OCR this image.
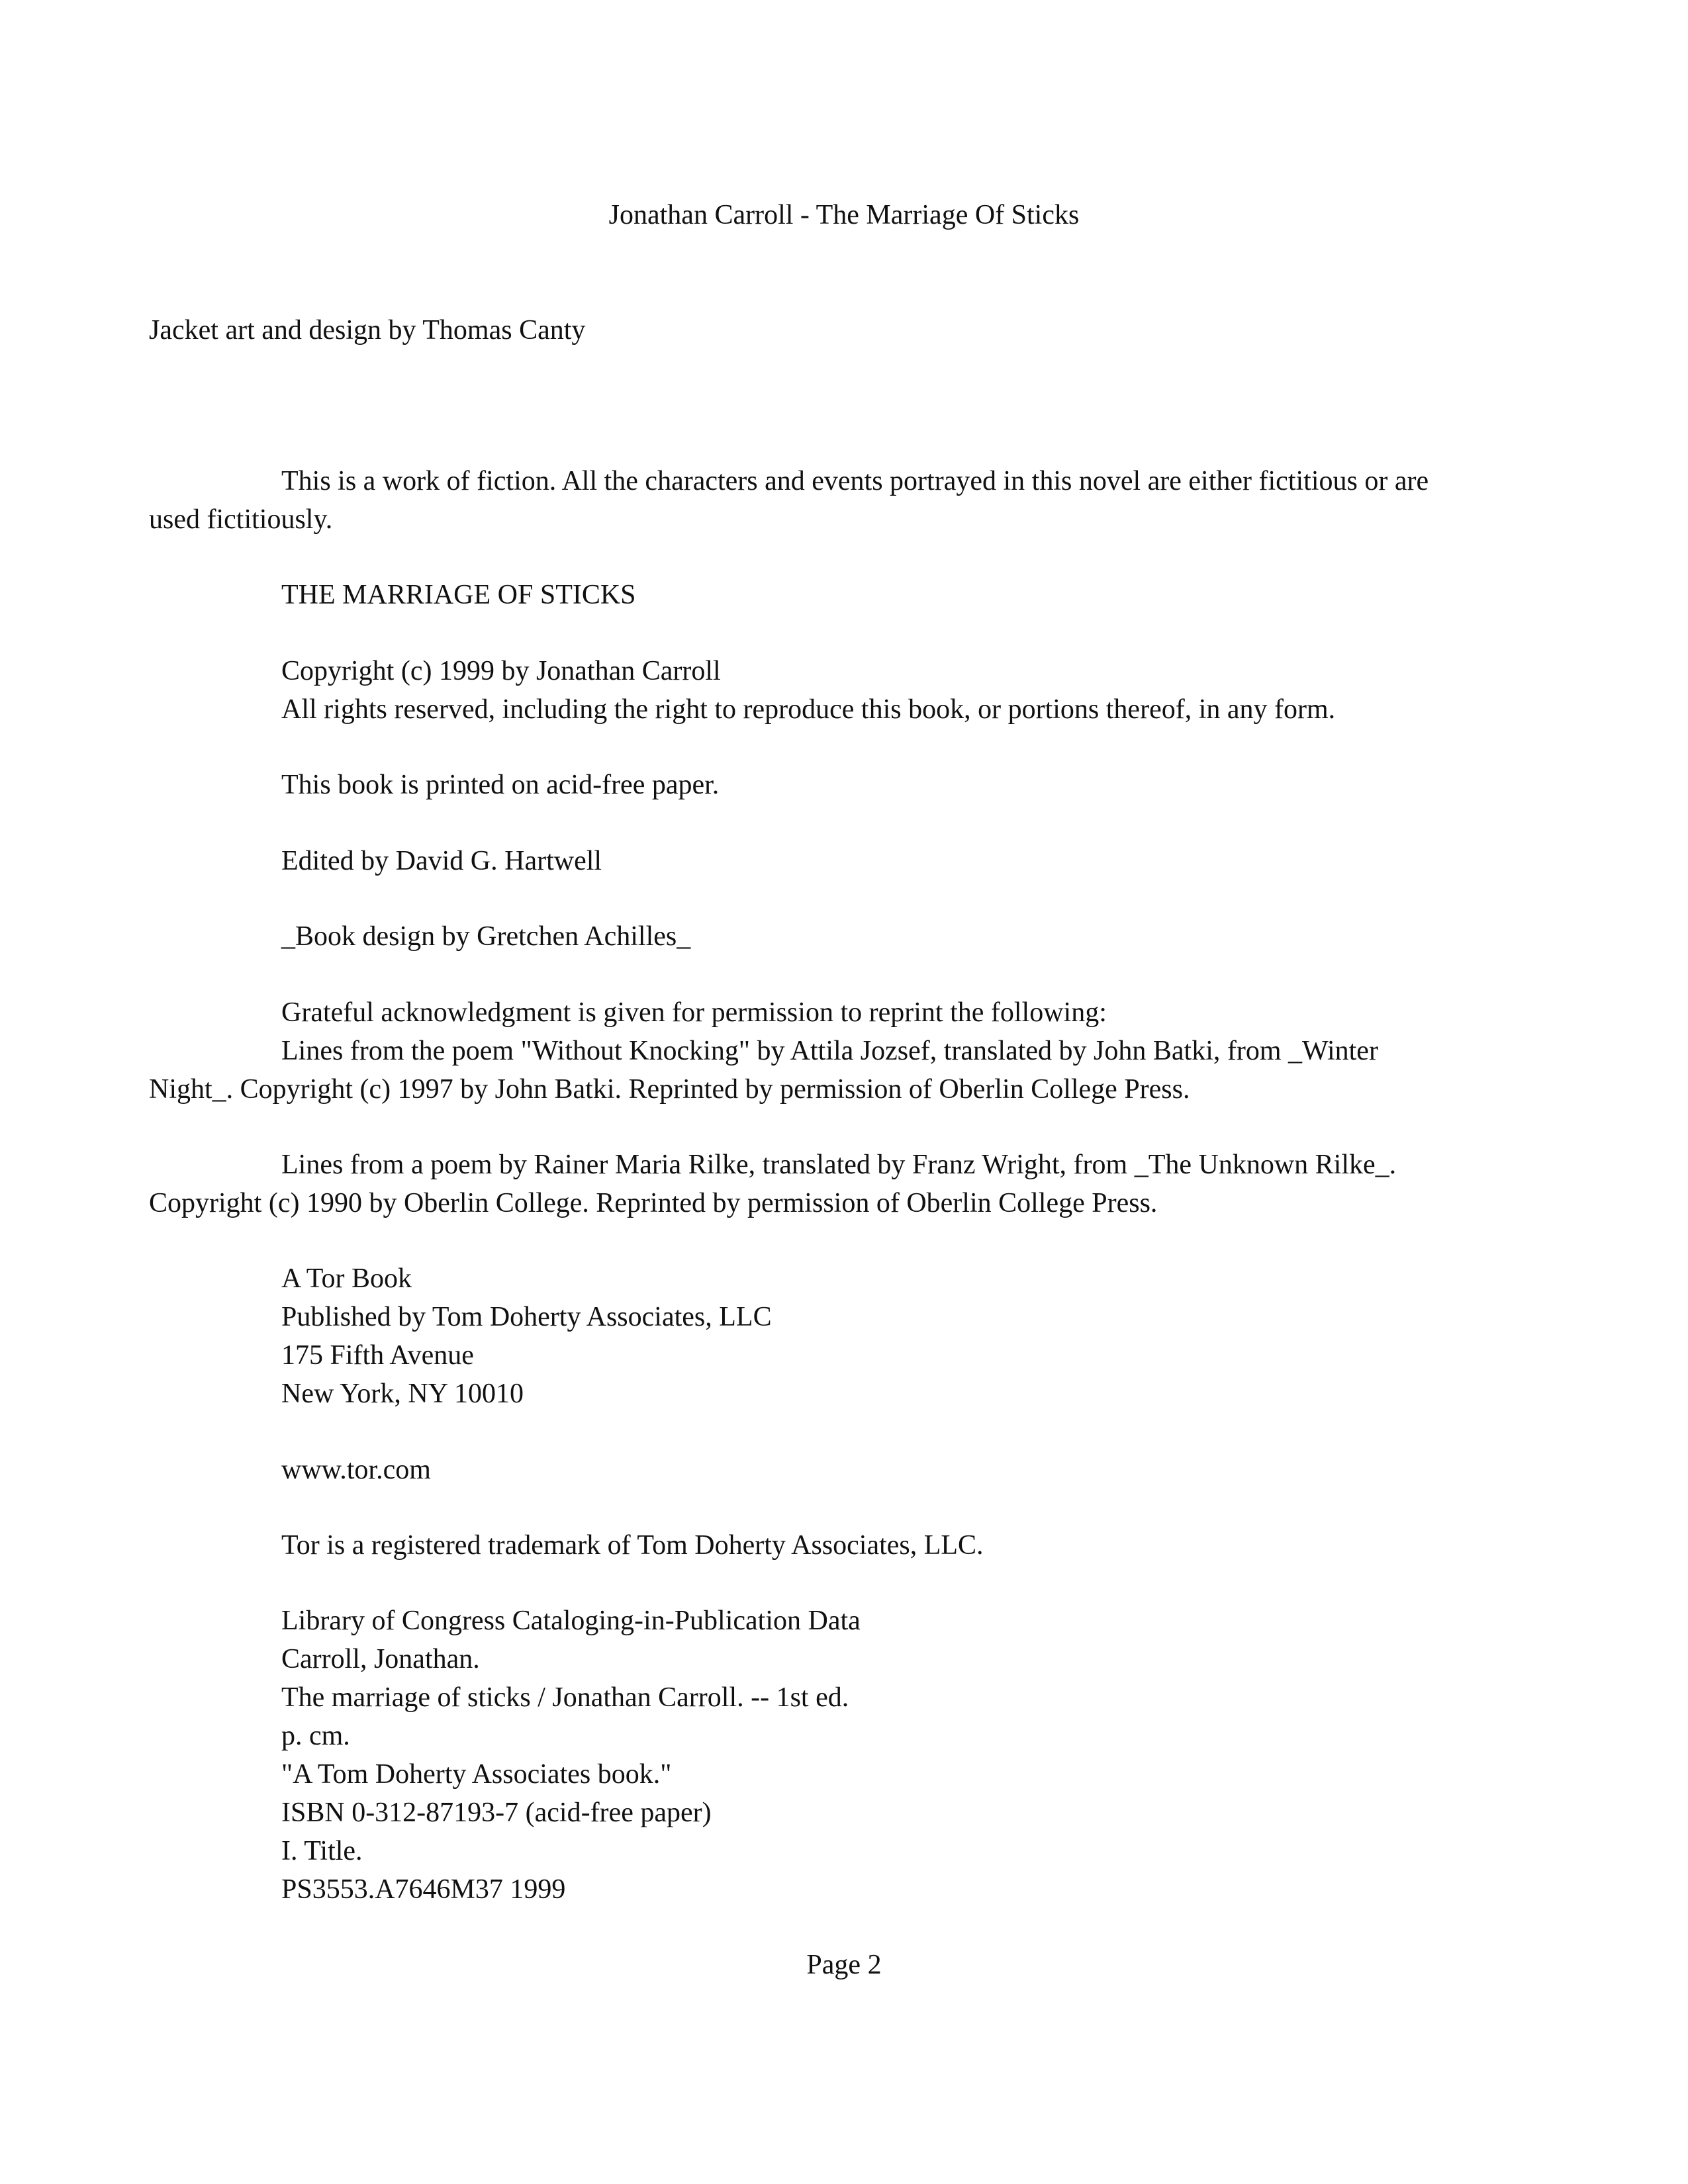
Jonathan Carroll - The Marriage Of Sticks

Jacket art and design by Thomas Canty

This is a work of fiction. All the characters and events portrayed in this novel are either fictitious or are

used fictitiously.

THE MARRIAGE OF STICKS

Copyright (c) 1999 by Jonathan Carroll

All rights reserved, including the right to reproduce this book, or portions thereof, in any form.

This book is printed on acid-free paper.

Edited by David G. Hartwell

_Book design by Gretchen Achilles_

Grateful acknowledgment is given for permission to reprint the following:

Lines from the poem "Without Knocking" by Attila Jozsef, translated by John Batki, from _Winter

Night_. Copyright (c) 1997 by John Batki. Reprinted by permission of Oberlin College Press.

Lines from a poem by Rainer Maria Rilke, translated by Franz Wright, from _The Unknown Rilke_.

Copyright (c) 1990 by Oberlin College. Reprinted by permission of Oberlin College Press.

A Tor Book

Published by Tom Doherty Associates, LLC

175 Fifth Avenue

New York, NY 10010

www.tor.com

Tor is a registered trademark of Tom Doherty Associates, LLC.

Library of Congress Cataloging-in-Publication Data

Carroll, Jonathan.

The marriage of sticks / Jonathan Carroll. -- 1st ed.

p. cm.

"A Tom Doherty Associates book."

ISBN 0-312-87193-7 (acid-free paper)

I. Title.

PS3553.A7646M37 1999

Page 2
